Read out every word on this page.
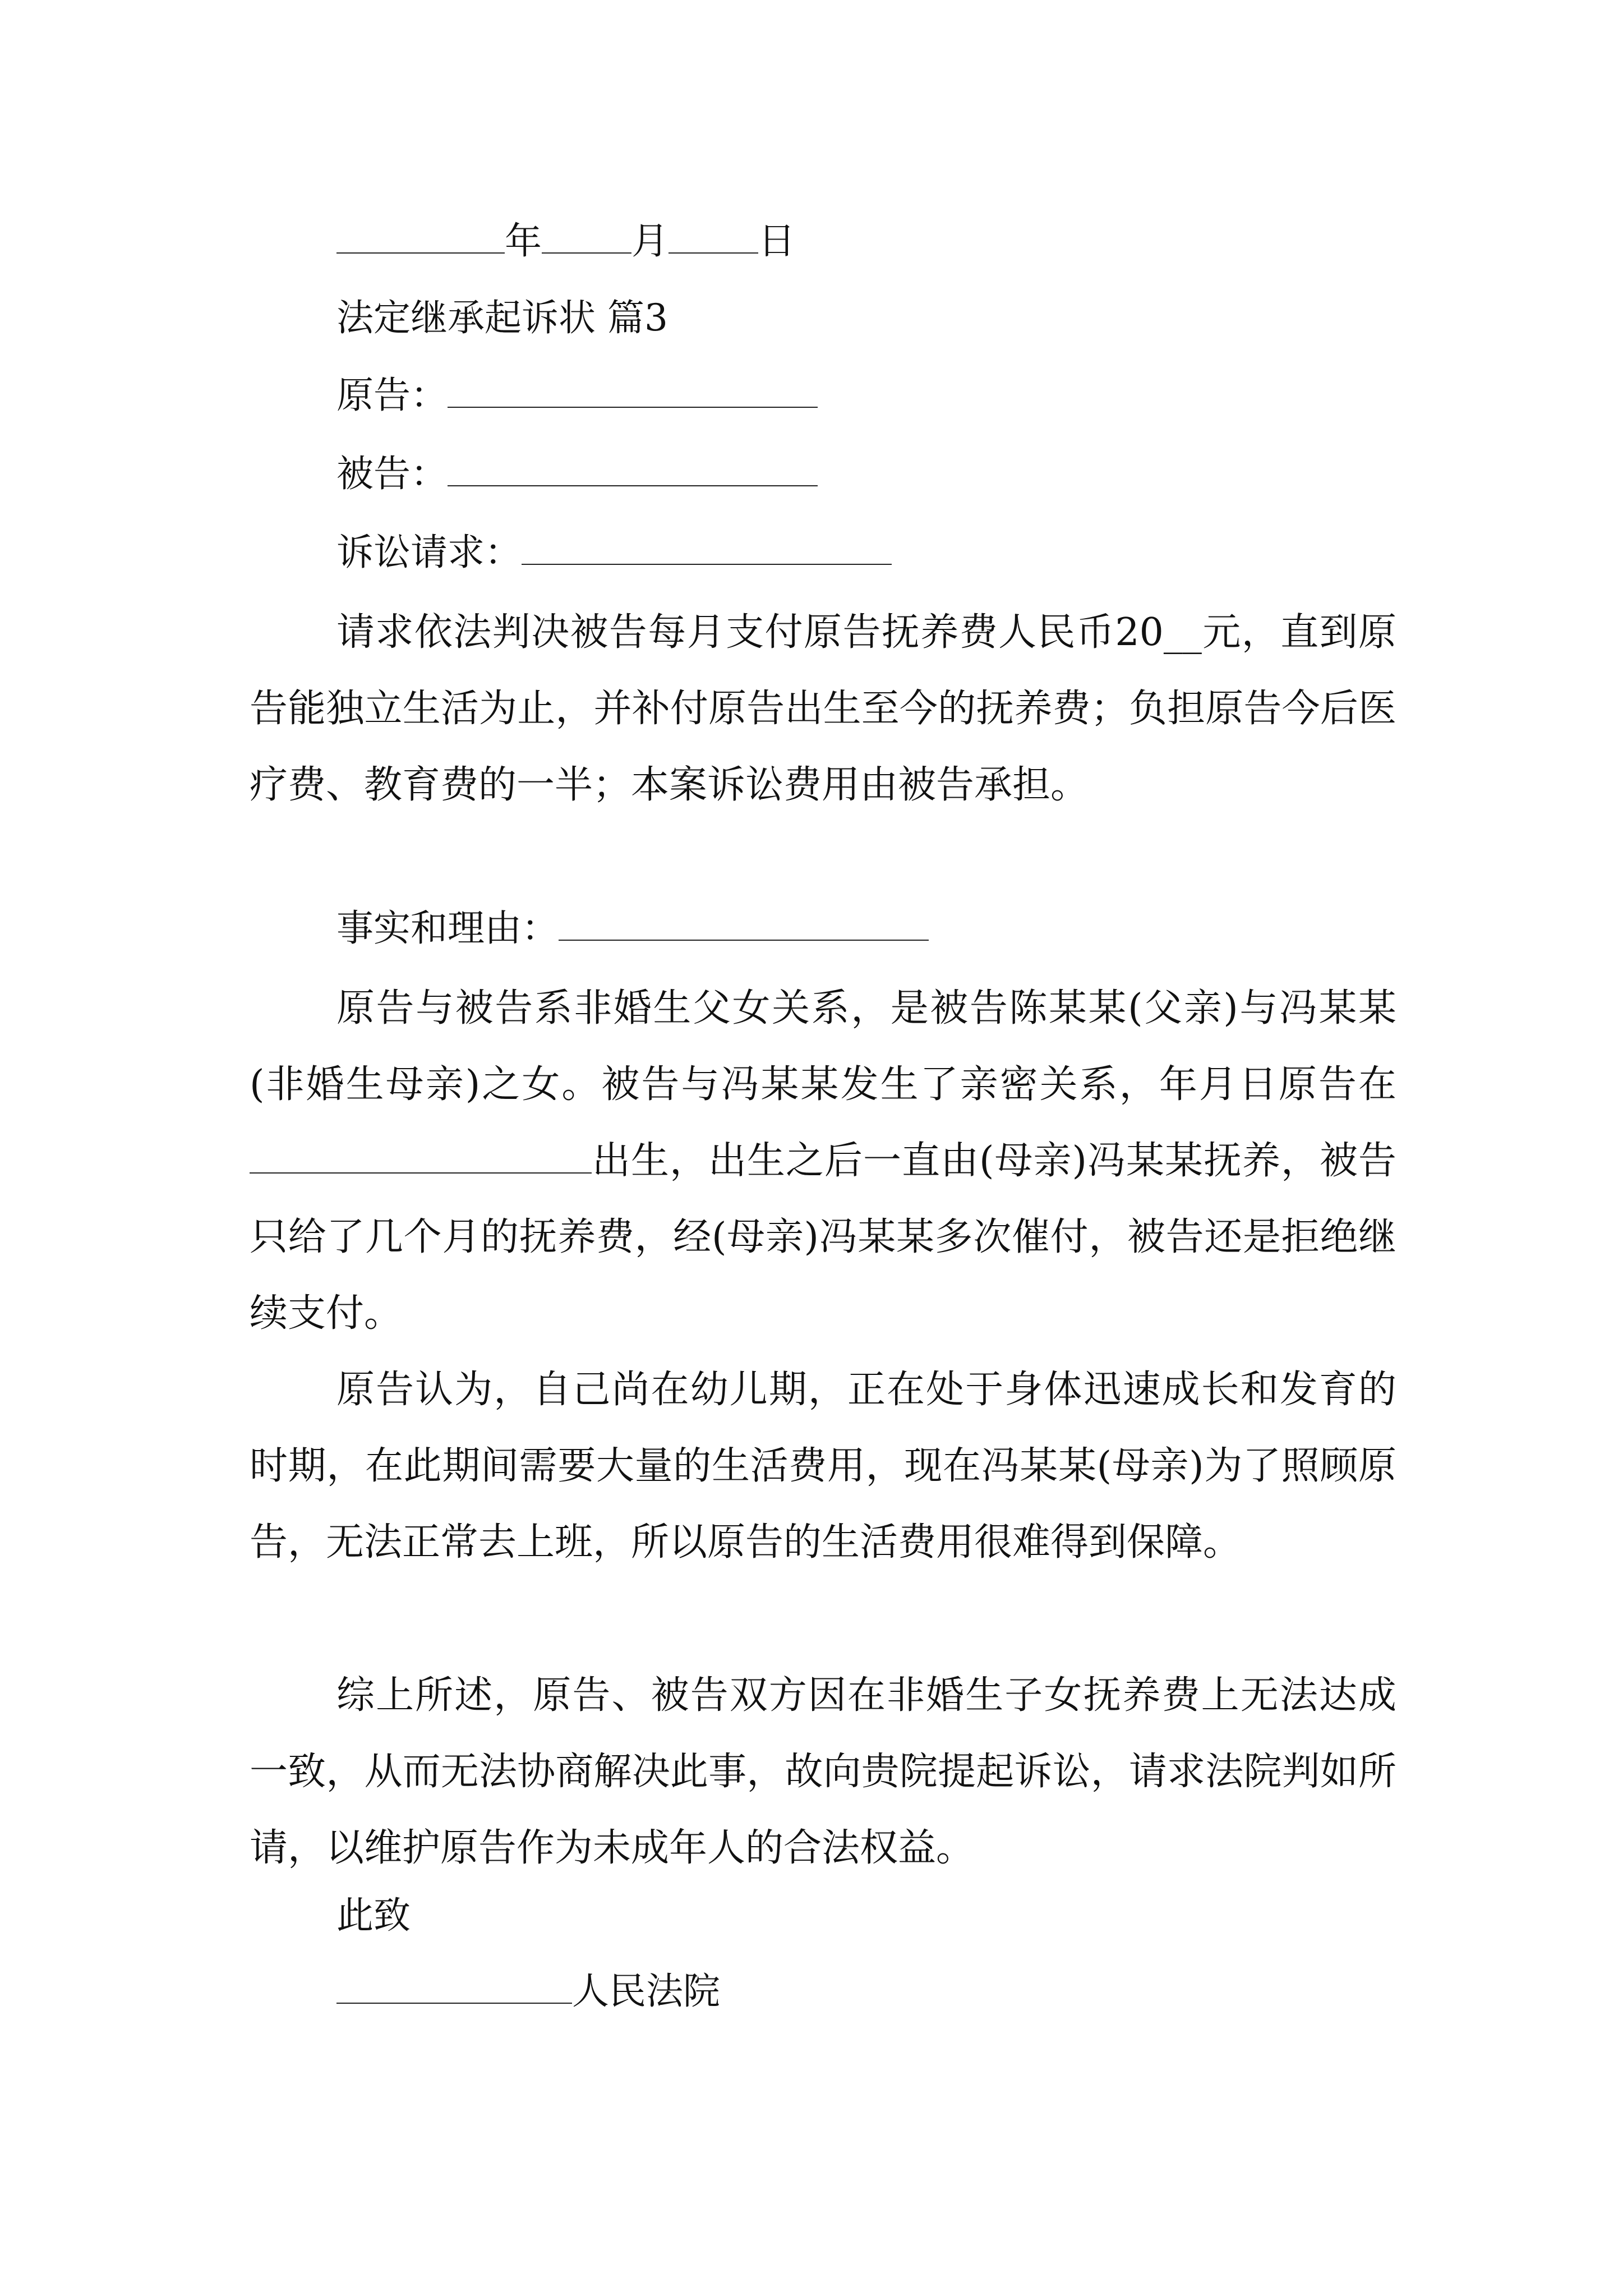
年 月 日
法定继承起诉状 篇3
原告：
被告：
诉讼请求：
请求依法判决被告每月支付原告抚养费人民币20__元，直到原告能独立生活为止，并补付原告出生至今的抚养费；负担原告今后医疗费、教育费的一半；本案诉讼费用由被告承担。
事实和理由：
原告与被告系非婚生父女关系，是被告陈某某(父亲)与冯某某(非婚生母亲)之女。被告与冯某某发生了亲密关系，年月日原告在出生，出生之后一直由(母亲)冯某某抚养，被告只给了几个月的抚养费，经(母亲)冯某某多次催付，被告还是拒绝继续支付。
原告认为，自己尚在幼儿期，正在处于身体迅速成长和发育的时期，在此期间需要大量的生活费用，现在冯某某(母亲)为了照顾原告，无法正常去上班，所以原告的生活费用很难得到保障。
综上所述，原告、被告双方因在非婚生子女抚养费上无法达成一致，从而无法协商解决此事，故向贵院提起诉讼，请求法院判如所请，以维护原告作为未成年人的合法权益。
此致
人民法院
